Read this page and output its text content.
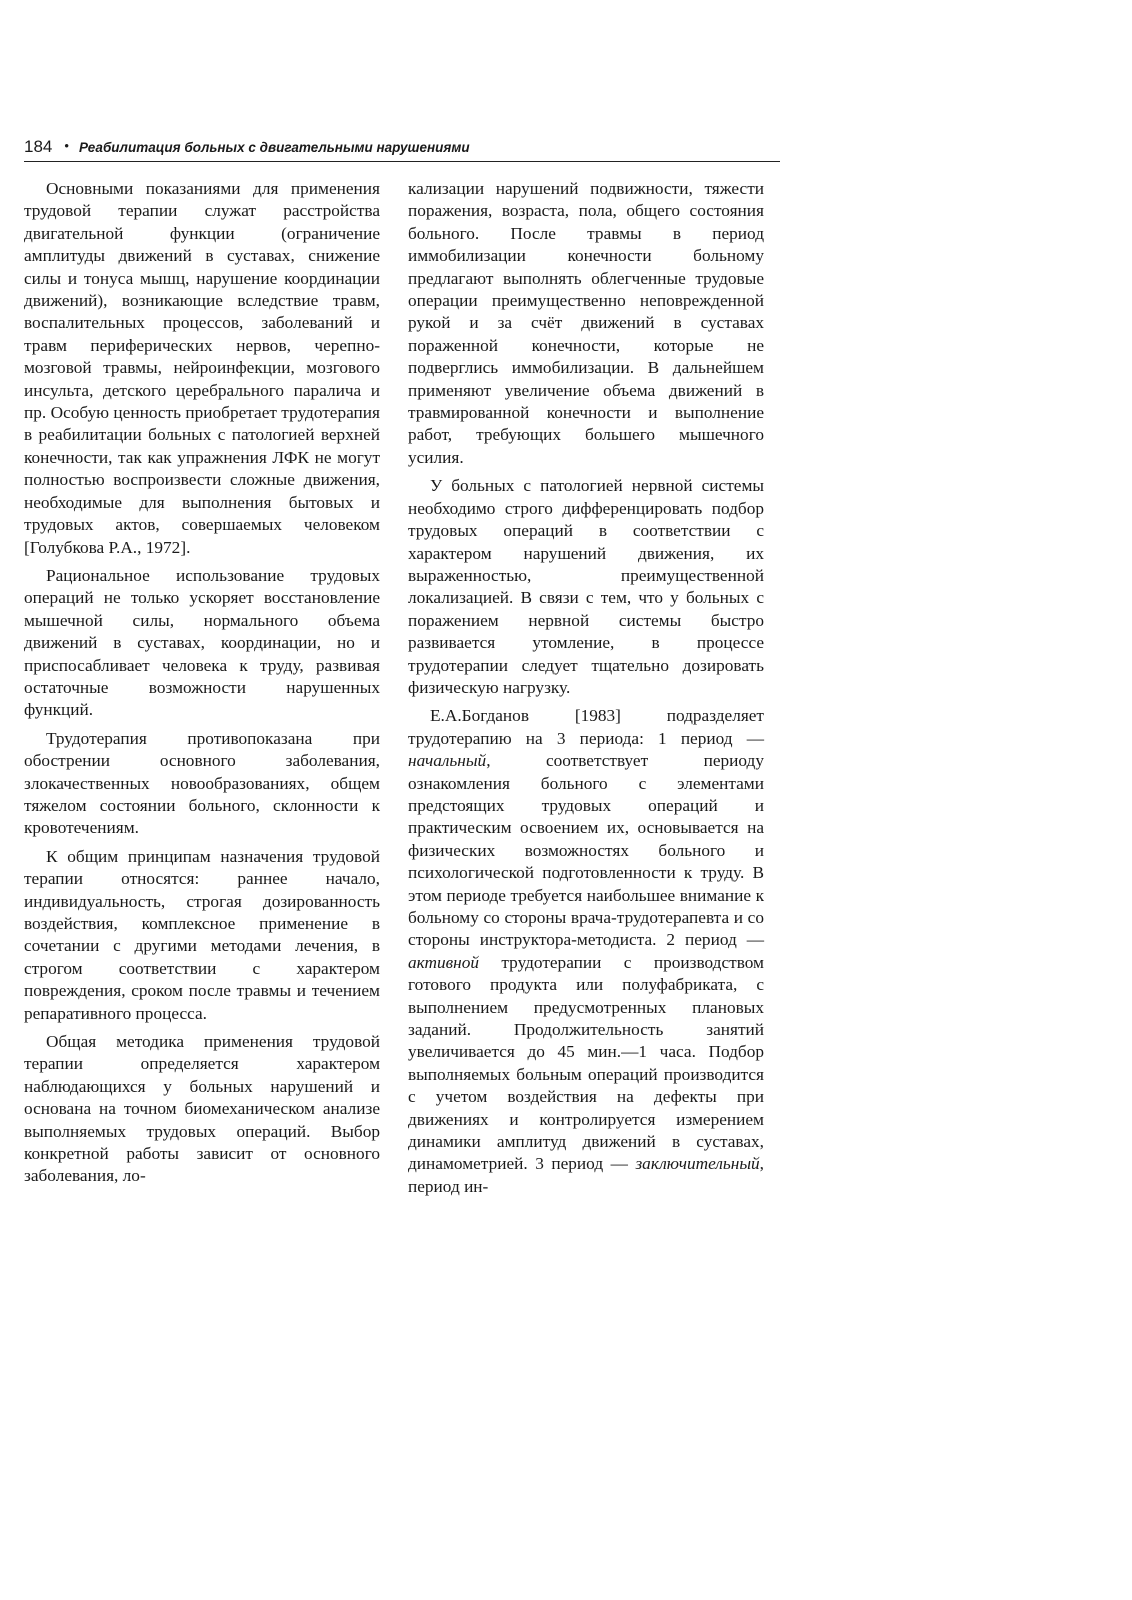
184 • Реабилитация больных с двигательными нарушениями

Основными показаниями для применения трудовой терапии служат расстройства двигательной функции (ограничение амплитуды движений в суставах, снижение силы и тонуса мышц, нарушение координации движений), возникающие вследствие травм, воспалительных процессов, заболеваний и травм периферических нервов, черепно-мозговой травмы, нейроинфекции, мозгового инсульта, детского церебрального паралича и пр. Особую ценность приобретает трудотерапия в реабилитации больных с патологией верхней конечности, так как упражнения ЛФК не могут полностью воспроизвести сложные движения, необходимые для выполнения бытовых и трудовых актов, совершаемых человеком [Голубкова Р.А., 1972].

Рациональное использование трудовых операций не только ускоряет восстановление мышечной силы, нормального объема движений в суставах, координации, но и приспосабливает человека к труду, развивая остаточные возможности нарушенных функций.

Трудотерапия противопоказана при обострении основного заболевания, злокачественных новообразованиях, общем тяжелом состоянии больного, склонности к кровотечениям.

К общим принципам назначения трудовой терапии относятся: раннее начало, индивидуальность, строгая дозированность воздействия, комплексное применение в сочетании с другими методами лечения, в строгом соответствии с характером повреждения, сроком после травмы и течением репаративного процесса.

Общая методика применения трудовой терапии определяется характером наблюдающихся у больных нарушений и основана на точном биомеханическом анализе выполняемых трудовых операций. Выбор конкретной работы зависит от основного заболевания, ло-

кализации нарушений подвижности, тяжести поражения, возраста, пола, общего состояния больного. После травмы в период иммобилизации конечности больному предлагают выполнять облегченные трудовые операции преимущественно неповрежденной рукой и за счёт движений в суставах пораженной конечности, которые не подверглись иммобилизации. В дальнейшем применяют увеличение объема движений в травмированной конечности и выполнение работ, требующих большего мышечного усилия.

У больных с патологией нервной системы необходимо строго дифференцировать подбор трудовых операций в соответствии с характером нарушений движения, их выраженностью, преимущественной локализацией. В связи с тем, что у больных с поражением нервной системы быстро развивается утомление, в процессе трудотерапии следует тщательно дозировать физическую нагрузку.

Е.А.Богданов [1983] подразделяет трудотерапию на 3 периода: 1 период — начальный, соответствует периоду ознакомления больного с элементами предстоящих трудовых операций и практическим освоением их, основывается на физических возможностях больного и психологической подготовленности к труду. В этом периоде требуется наибольшее внимание к больному со стороны врача-трудотерапевта и со стороны инструктора-методиста. 2 период — активной трудотерапии с производством готового продукта или полуфабриката, с выполнением предусмотренных плановых заданий. Продолжительность занятий увеличивается до 45 мин.—1 часа. Подбор выполняемых больным операций производится с учетом воздействия на дефекты при движениях и контролируется измерением динамики амплитуд движений в суставах, динамометрией. 3 период — заключительный, период ин-
